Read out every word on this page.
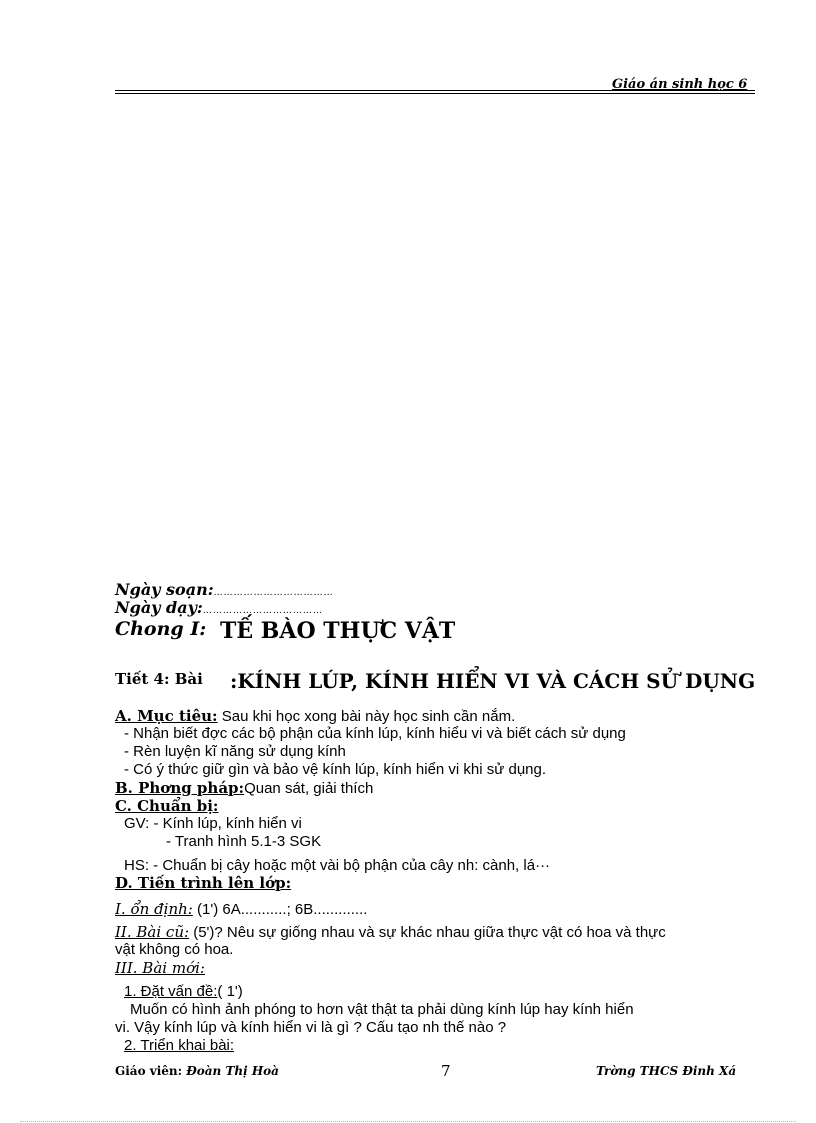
Giáo án sinh học 6
Ngày soạn:………………………………
Ngày dạy:………………………………
Chong I: TẾ BÀO THỰC VẬT
Tiết 4: Bài :KÍNH LÚP, KÍNH HIỂN VI VÀ CÁCH SỬ DỤNG
A. Mục tiêu: Sau khi học xong bài này học sinh cần nắm.
- Nhận biết đợc các bộ phận của kính lúp, kính hiểu vi và biết cách sử dụng
- Rèn luyện kĩ năng sử dụng kính
- Có ý thức giữ gìn và bảo vệ kính lúp, kính hiển vi khi sử dụng.
B. Phơng pháp:Quan sát, giải thích
C. Chuẩn bị:
GV: - Kính lúp, kính hiển vi
- Tranh hình 5.1-3 SGK
HS: - Chuẩn bị cây hoặc một vài bộ phận của cây nh: cành, lá···
D. Tiến trình lên lớp:
I. ổn định: (1') 6A...........; 6B.............
II. Bài cũ: (5')? Nêu sự giống nhau và sự khác nhau giữa thực vật có hoa và thực
vật không có hoa.
III. Bài mới:
1. Đặt vấn đề:( 1')
Muốn có hình ảnh phóng to hơn vật thật ta phải dùng kính lúp hay kính hiển
vi. Vậy kính lúp và kính hiển vi là gì ? Cấu tạo nh thế nào ?
2. Triển khai bài:
Giáo viên: Đoàn Thị Hoà	7	Trờng THCS Đinh Xá
